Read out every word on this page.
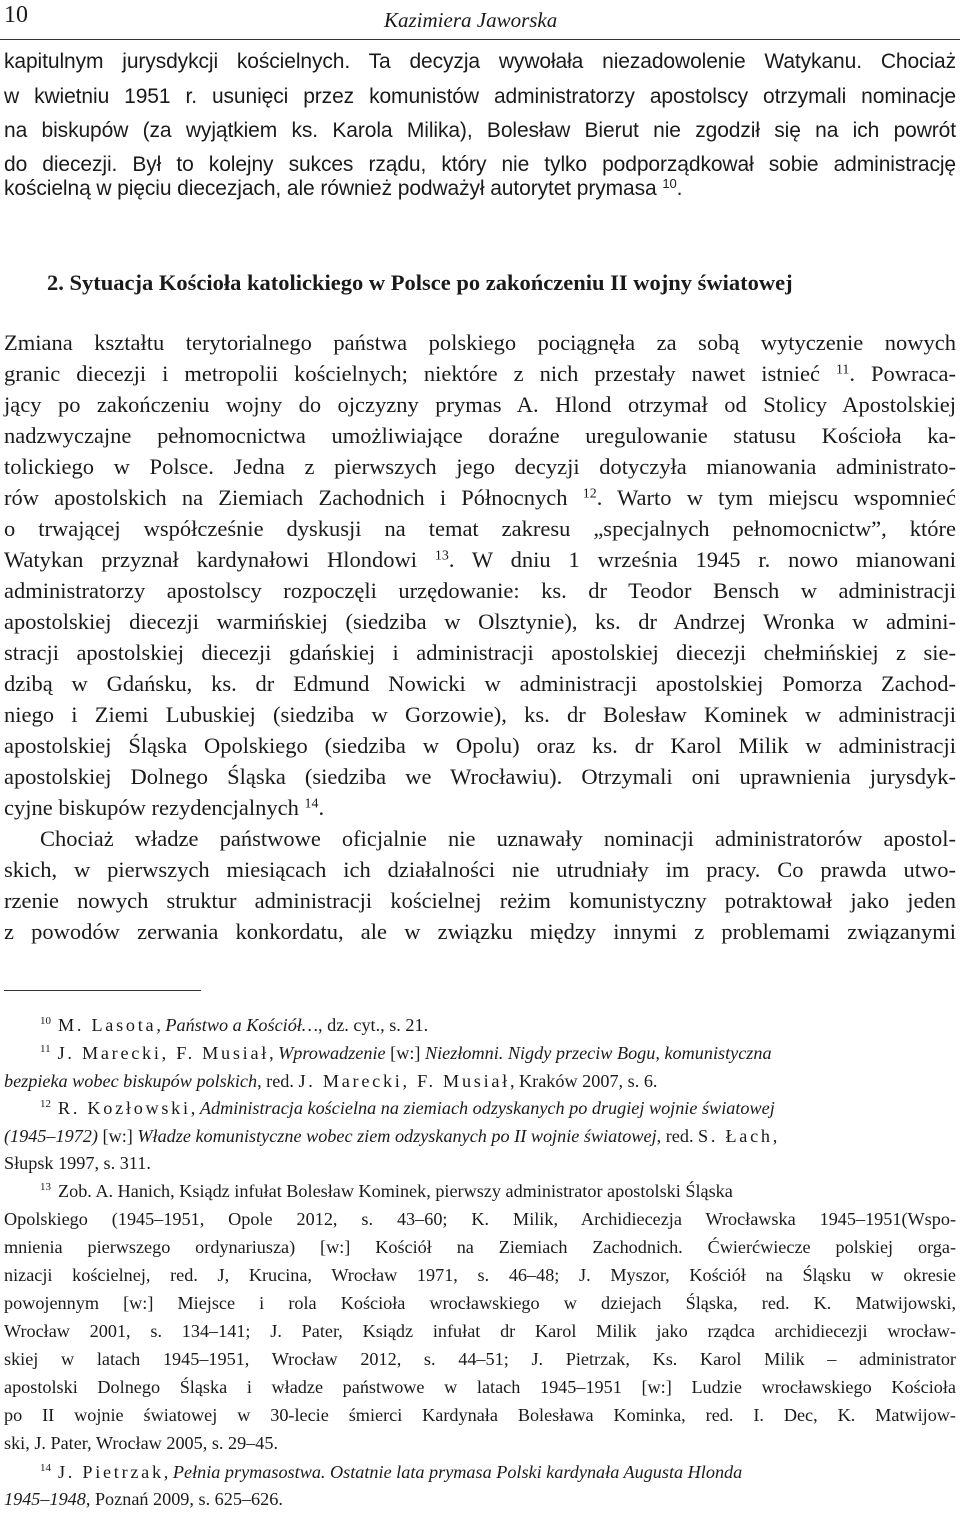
10	Kazimiera Jaworska
kapitulnym jurysdykcji kościelnych. Ta decyzja wywołała niezadowolenie Watykanu. Chociaż
w kwietniu 1951 r. usunięci przez komunistów administratorzy apostolscy otrzymali nominacje
na biskupów (za wyjątkiem ks. Karola Milika), Bolesław Bierut nie zgodził się na ich powrót
do diecezji. Był to kolejny sukces rządu, który nie tylko podporządkował sobie administrację
kościelną w pięciu diecezjach, ale również podważył autorytet prymasa $^{10}$.
2. Sytuacja Kościoła katolickiego w Polsce po zakończeniu II wojny światowej
Zmiana kształtu terytorialnego państwa polskiego pociągnęła za sobą wytyczenie nowych
granic diecezji i metropolii kościelnych; niektóre z nich przestały nawet istnieć $^{11}$. Powraca-
jący po zakończeniu wojny do ojczyzny prymas A. Hlond otrzymał od Stolicy Apostolskiej
nadzwyczajne pełnomocnictwa umożliwiające doraźne uregulowanie statusu Kościoła ka-
tolickiego w Polsce. Jedna z pierwszych jego decyzji dotyczyła mianowania administrato-
rów apostolskich na Ziemiach Zachodnich i Północnych $^{12}$. Warto w tym miejscu wspomnieć
o trwającej współcześnie dyskusji na temat zakresu „specjalnych pełnomocnictw”, które
Watykan przyznał kardynałowi Hlondowi $^{13}$. W dniu 1 września 1945 r. nowo mianowani
administratorzy apostolscy rozpoczęli urzędowanie: ks. dr Teodor Bensch w administracji
apostolskiej diecezji warmińskiej (siedziba w Olsztynie), ks. dr Andrzej Wronka w admini-
stracji apostolskiej diecezji gdańskiej i administracji apostolskiej diecezji chełmińskiej z sie-
dzibą w Gdańsku, ks. dr Edmund Nowicki w administracji apostolskiej Pomorza Zachod-
niego i Ziemi Lubuskiej (siedziba w Gorzowie), ks. dr Bolesław Kominek w administracji
apostolskiej Śląska Opolskiego (siedziba w Opolu) oraz ks. dr Karol Milik w administracji
apostolskiej Dolnego Śląska (siedziba we Wrocławiu). Otrzymali oni uprawnienia jurysdyk-
cyjne biskupów rezydencjalnych $^{14}$.
Chociaż władze państwowe oficjalnie nie uznawały nominacji administratorów apostol-
skich, w pierwszych miesiącach ich działalności nie utrudniały im pracy. Co prawda utwo-
rzenie nowych struktur administracji kościelnej reżim komunistyczny potraktował jako jeden
z powodów zerwania konkordatu, ale w związku między innymi z problemami związanymi
$^{10}$ M. Lasota, Państwo a Kościół…, dz. cyt., s. 21.
$^{11}$ J. Marecki, F. Musiał, Wprowadzenie [w:] Niezłomni. Nigdy przeciw Bogu, komunistyczna
bezpieka wobec biskupów polskich, red. J. Marecki, F. Musiał, Kraków 2007, s. 6.
$^{12}$ R. Kozłowski, Administracja kościelna na ziemiach odzyskanych po drugiej wojnie światowej
(1945–1972) [w:] Władze komunistyczne wobec ziem odzyskanych po II wojnie światowej, red. S. Łach,
Słupsk 1997, s. 311.
$^{13}$ Zob. A. Hanich, Ksiądz infułat Bolesław Kominek, pierwszy administrator apostolski Śląska
Opolskiego (1945–1951, Opole 2012, s. 43–60; K. Milik, Archidiecezja Wrocławska 1945–1951(Wspo-
mnienia pierwszego ordynariusza) [w:] Kościół na Ziemiach Zachodnich. Ćwierćwiecze polskiej orga-
nizacji kościelnej, red. J, Krucina, Wrocław 1971, s. 46–48; J. Myszor, Kościół na Śląsku w okresie
powojennym [w:] Miejsce i rola Kościoła wrocławskiego w dziejach Śląska, red. K. Matwijowski,
Wrocław 2001, s. 134–141; J. Pater, Ksiądz infułat dr Karol Milik jako rządca archidiecezji wrocław-
skiej w latach 1945–1951, Wrocław 2012, s. 44–51; J. Pietrzak, Ks. Karol Milik – administrator
apostolski Dolnego Śląska i władze państwowe w latach 1945–1951 [w:] Ludzie wrocławskiego Kościoła
po II wojnie światowej w 30-lecie śmierci Kardynała Bolesława Kominka, red. I. Dec, K. Matwijow-
ski, J. Pater, Wrocław 2005, s. 29–45.
$^{14}$ J. Pietrzak, Pełnia prymasostwa. Ostatnie lata prymasa Polski kardynała Augusta Hlonda
1945–1948, Poznań 2009, s. 625–626.
